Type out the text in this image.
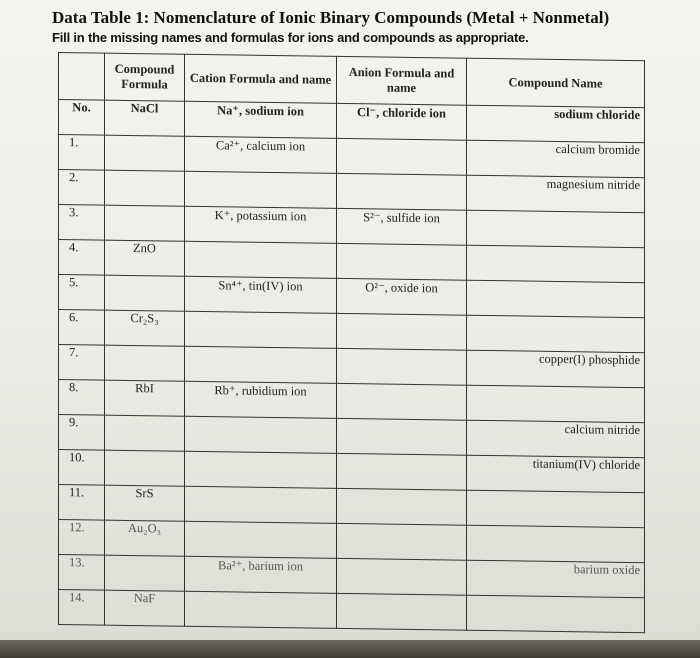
Data Table 1: Nomenclature of Ionic Binary Compounds (Metal + Nonmetal)
Fill in the missing names and formulas for ions and compounds as appropriate.
	Compound Formula	Cation Formula and name	Anion Formula and name	Compound Name
No.	NaCl	Na⁺, sodium ion	Cl⁻, chloride ion	sodium chloride
1.		Ca²⁺, calcium ion		calcium bromide
2.				magnesium nitride
3.		K⁺, potassium ion	S²⁻, sulfide ion	
4.	ZnO			
5.		Sn⁴⁺, tin(IV) ion	O²⁻, oxide ion	
6.	Cr₂S₃			
7.				copper(I) phosphide
8.	RbI	Rb⁺, rubidium ion		
9.				calcium nitride
10.				titanium(IV) chloride
11.	SrS			
12.	Au₂O₃			
13.		Ba²⁺, barium ion		barium oxide
14.	NaF			
